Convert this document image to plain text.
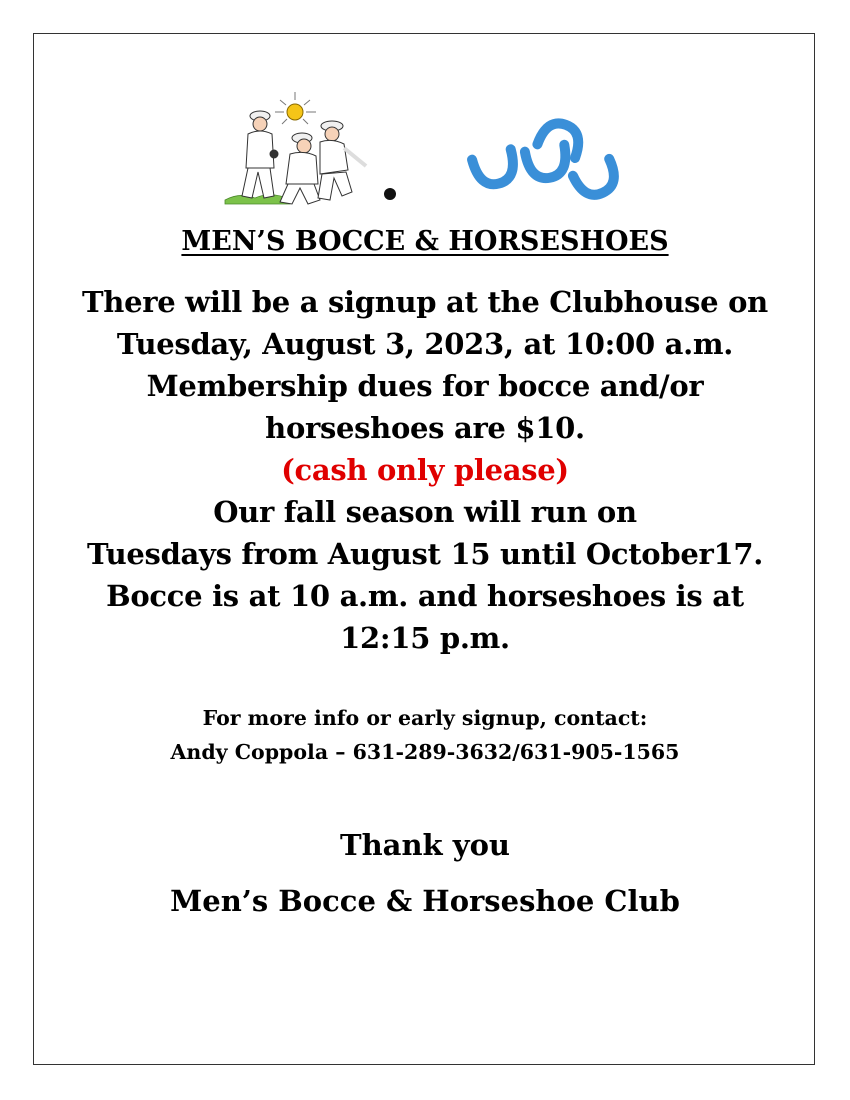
MEN’S BOCCE & HORSESHOES
There will be a signup at the Clubhouse on
Tuesday, August 3, 2023, at 10:00 a.m.
Membership dues for bocce and/or
horseshoes are $10.
(cash only please)
Our fall season will run on
Tuesdays from August 15 until October17.
Bocce is at 10 a.m. and horseshoes is at
12:15 p.m.
For more info or early signup, contact:
Andy Coppola – 631-289-3632/631-905-1565
Thank you
Men’s Bocce & Horseshoe Club
